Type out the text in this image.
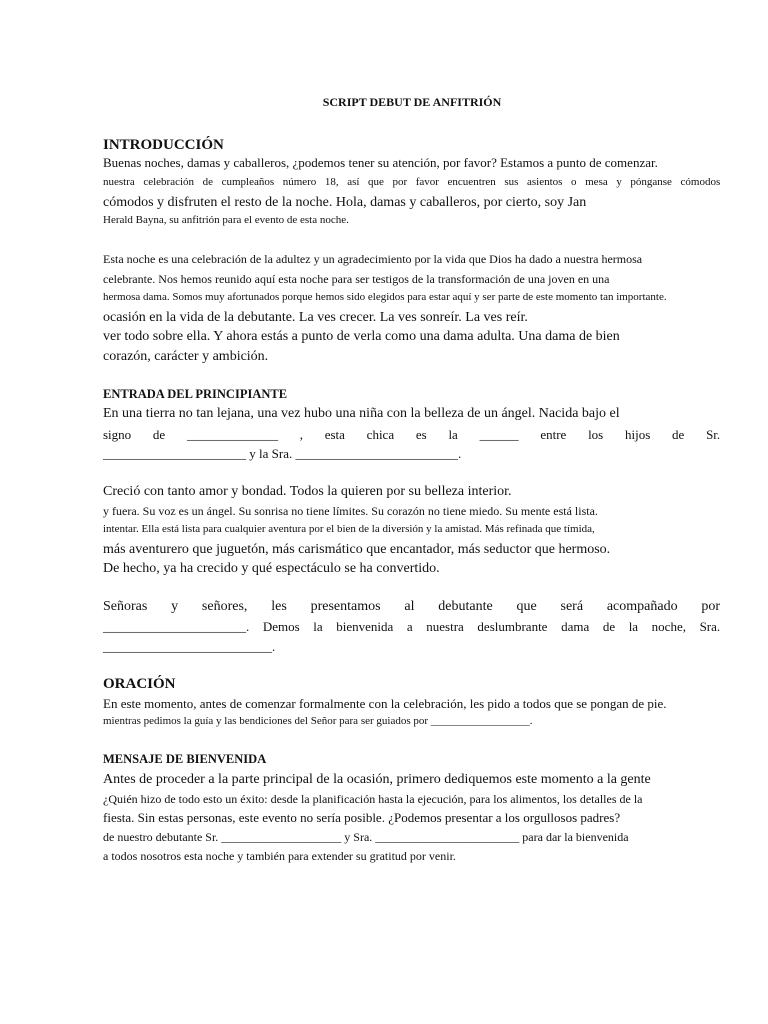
SCRIPT DEBUT DE ANFITRIÓN
INTRODUCCIÓN
Buenas noches, damas y caballeros, ¿podemos tener su atención, por favor? Estamos a punto de comenzar.
nuestra celebración de cumpleaños número 18, así que por favor encuentren sus asientos o mesa y pónganse cómodos
cómodos y disfruten el resto de la noche. Hola, damas y caballeros, por cierto, soy Jan
Herald Bayna, su anfitrión para el evento de esta noche.
Esta noche es una celebración de la adultez y un agradecimiento por la vida que Dios ha dado a nuestra hermosa
celebrante. Nos hemos reunido aquí esta noche para ser testigos de la transformación de una joven en una
hermosa dama. Somos muy afortunados porque hemos sido elegidos para estar aquí y ser parte de este momento tan importante.
ocasión en la vida de la debutante. La ves crecer. La ves sonreír. La ves reír.
ver todo sobre ella. Y ahora estás a punto de verla como una dama adulta. Una dama de bien
corazón, carácter y ambición.
ENTRADA DEL PRINCIPIANTE
En una tierra no tan lejana, una vez hubo una niña con la belleza de un ángel. Nacida bajo el
signo de ______________ , esta chica es la ______ entre los hijos de Sr.
______________________ y la Sra. _________________________.
Creció con tanto amor y bondad. Todos la quieren por su belleza interior.
y fuera. Su voz es un ángel. Su sonrisa no tiene límites. Su corazón no tiene miedo. Su mente está lista.
intentar. Ella está lista para cualquier aventura por el bien de la diversión y la amistad. Más refinada que tímida,
más aventurero que juguetón, más carismático que encantador, más seductor que hermoso.
De hecho, ya ha crecido y qué espectáculo se ha convertido.
Señoras y señores, les presentamos al debutante que será acompañado por
______________________. Demos la bienvenida a nuestra deslumbrante dama de la noche, Sra.
__________________________.
ORACIÓN
En este momento, antes de comenzar formalmente con la celebración, les pido a todos que se pongan de pie.
mientras pedimos la guía y las bendiciones del Señor para ser guiados por __________________.
MENSAJE DE BIENVENIDA
Antes de proceder a la parte principal de la ocasión, primero dediquemos este momento a la gente
¿Quién hizo de todo esto un éxito: desde la planificación hasta la ejecución, para los alimentos, los detalles de la
fiesta. Sin estas personas, este evento no sería posible. ¿Podemos presentar a los orgullosos padres?
de nuestro debutante Sr. ____________________ y Sra. ________________________ para dar la bienvenida
a todos nosotros esta noche y también para extender su gratitud por venir.
